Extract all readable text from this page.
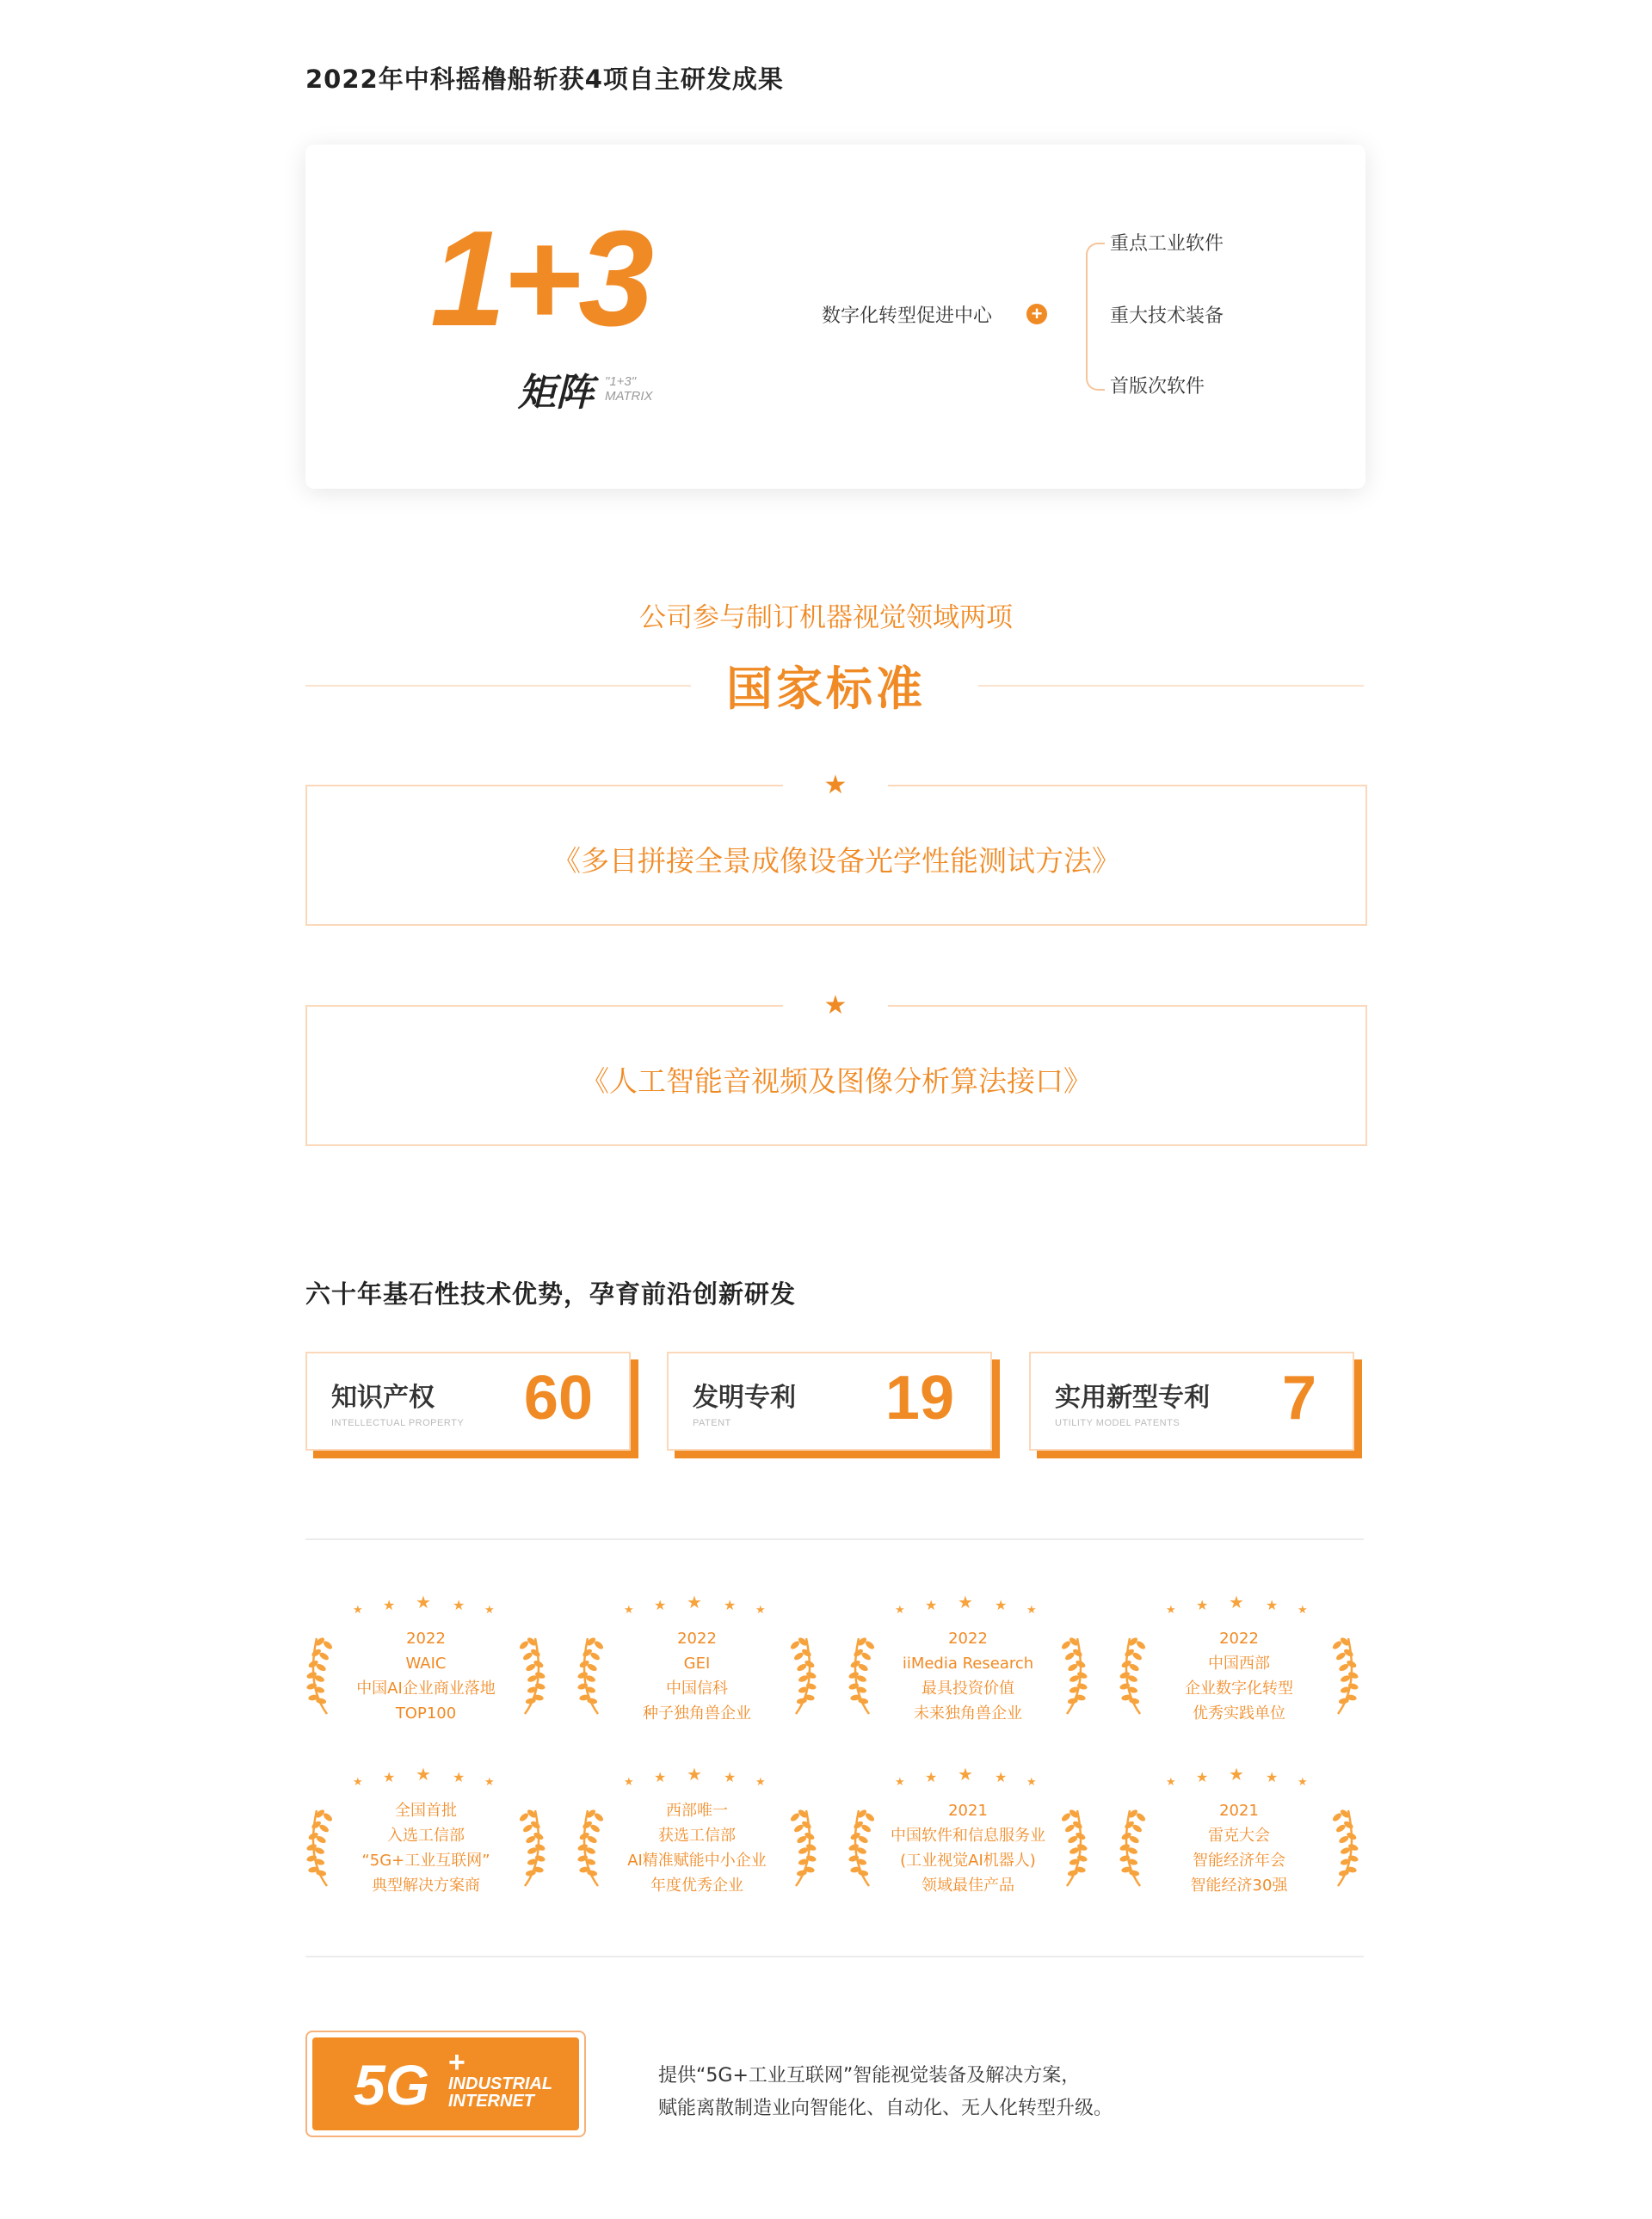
2022年中科摇橹船斩获4项自主研发成果
1+3
矩阵 "1+3"
MATRIX
数字化转型促进中心 +
重点工业软件
重大技术装备
首版次软件
公司参与制订机器视觉领域两项
国家标准
★
《多目拼接全景成像设备光学性能测试方法》
★
《人工智能音视频及图像分析算法接口》
六十年基石性技术优势，孕育前沿创新研发
知识产权
INTELLECTUAL PROPERTY 60	发明专利
PATENT 19	实用新型专利
UTILITY MODEL PATENTS 7
★ ★ ★ ★ ★
2022
WAIC
中国AI企业商业落地
TOP100
★ ★ ★ ★ ★
2022
GEI
中国信科
种子独角兽企业
★ ★ ★ ★ ★
2022
iiMedia Research
最具投资价值
未来独角兽企业
★ ★ ★ ★ ★
2022
中国西部
企业数字化转型
优秀实践单位
★ ★ ★ ★ ★
全国首批
入选工信部
“5G+工业互联网”
典型解决方案商
★ ★ ★ ★ ★
西部唯一
获选工信部
AI精准赋能中小企业
年度优秀企业
★ ★ ★ ★ ★
2021
中国软件和信息服务业
(工业视觉AI机器人)
领域最佳产品
★ ★ ★ ★ ★
2021
雷克大会
智能经济年会
智能经济30强
5G +
INDUSTRIAL
INTERNET
提供“5G+工业互联网”智能视觉装备及解决方案，
赋能离散制造业向智能化、自动化、无人化转型升级。
